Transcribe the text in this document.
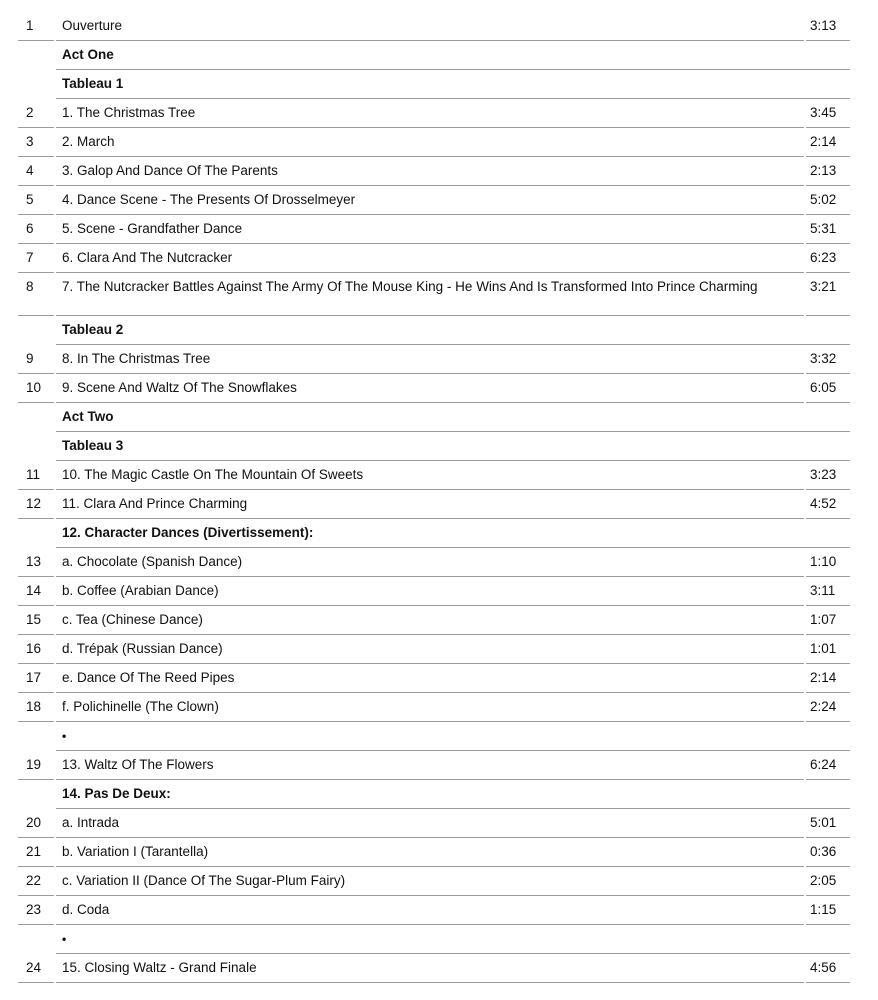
1	Ouverture	3:13
Act One
Tableau 1
2	1. The Christmas Tree	3:45
3	2. March	2:14
4	3. Galop And Dance Of The Parents	2:13
5	4. Dance Scene - The Presents Of Drosselmeyer	5:02
6	5. Scene - Grandfather Dance	5:31
7	6. Clara And The Nutcracker	6:23
8	7. The Nutcracker Battles Against The Army Of The Mouse King - He Wins And Is Transformed Into Prince Charming	3:21
Tableau 2
9	8. In The Christmas Tree	3:32
10	9. Scene And Waltz Of The Snowflakes	6:05
Act Two
Tableau 3
11	10. The Magic Castle On The Mountain Of Sweets	3:23
12	11. Clara And Prince Charming	4:52
12. Character Dances (Divertissement):
13	a. Chocolate (Spanish Dance)	1:10
14	b. Coffee (Arabian Dance)	3:11
15	c. Tea (Chinese Dance)	1:07
16	d. Trépak (Russian Dance)	1:01
17	e. Dance Of The Reed Pipes	2:14
18	f. Polichinelle (The Clown)	2:24
•
19	13. Waltz Of The Flowers	6:24
14. Pas De Deux:
20	a. Intrada	5:01
21	b. Variation I (Tarantella)	0:36
22	c. Variation II (Dance Of The Sugar-Plum Fairy)	2:05
23	d. Coda	1:15
•
24	15. Closing Waltz - Grand Finale	4:56
